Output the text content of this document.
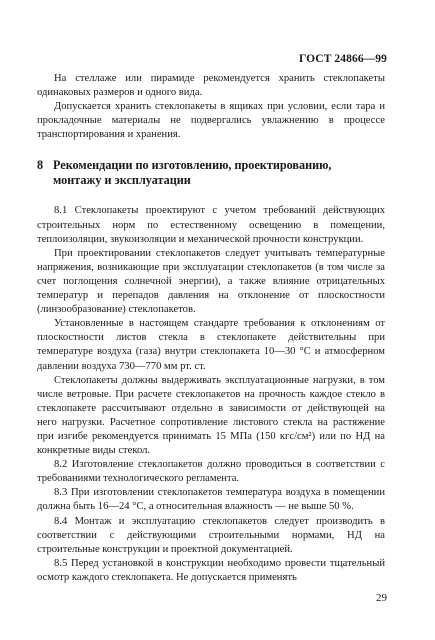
ГОСТ 24866—99

На стеллаже или пирамиде рекомендуется хранить стеклопакеты одинаковых размеров и одного вида.

Допускается хранить стеклопакеты в ящиках при условии, если тара и прокладочные материалы не подвергались увлажнению в процессе транспортирования и хранения.

8 Рекомендации по изготовлению, проектированию,
монтажу и эксплуатации

8.1 Стеклопакеты проектируют с учетом требований действующих строительных норм по естественному освещению в помещении, теплоизоляции, звукоизоляции и механической прочности конструкции.

При проектировании стеклопакетов следует учитывать температурные напряжения, возникающие при эксплуатации стеклопакетов (в том числе за счет поглощения солнечной энергии), а также влияние отрицательных температур и перепадов давления на отклонение от плоскостности (линзообразование) стеклопакетов.

Установленные в настоящем стандарте требования к отклонениям от плоскостности листов стекла в стеклопакете действительны при температуре воздуха (газа) внутри стеклопакета 10—30 °С и атмосферном давлении воздуха 730—770 мм рт. ст.

Стеклопакеты должны выдерживать эксплуатационные нагрузки, в том числе ветровые. При расчете стеклопакетов на прочность каждое стекло в стеклопакете рассчитывают отдельно в зависимости от действующей на него нагрузки. Расчетное сопротивление листового стекла на растяжение при изгибе рекомендуется принимать 15 МПа (150 кгс/см²) или по НД на конкретные виды стекол.

8.2 Изготовление стеклопакетов должно проводиться в соответствии с требованиями технологического регламента.

8.3 При изготовлении стеклопакетов температура воздуха в помещении должна быть 16—24 °С, а относительная влажность — не выше 50 %.

8.4 Монтаж и эксплуатацию стеклопакетов следует производить в соответствии с действующими строительными нормами, НД на строительные конструкции и проектной документацией.

8.5 Перед установкой в конструкции необходимо провести тщательный осмотр каждого стеклопакета. Не допускается применять

29
